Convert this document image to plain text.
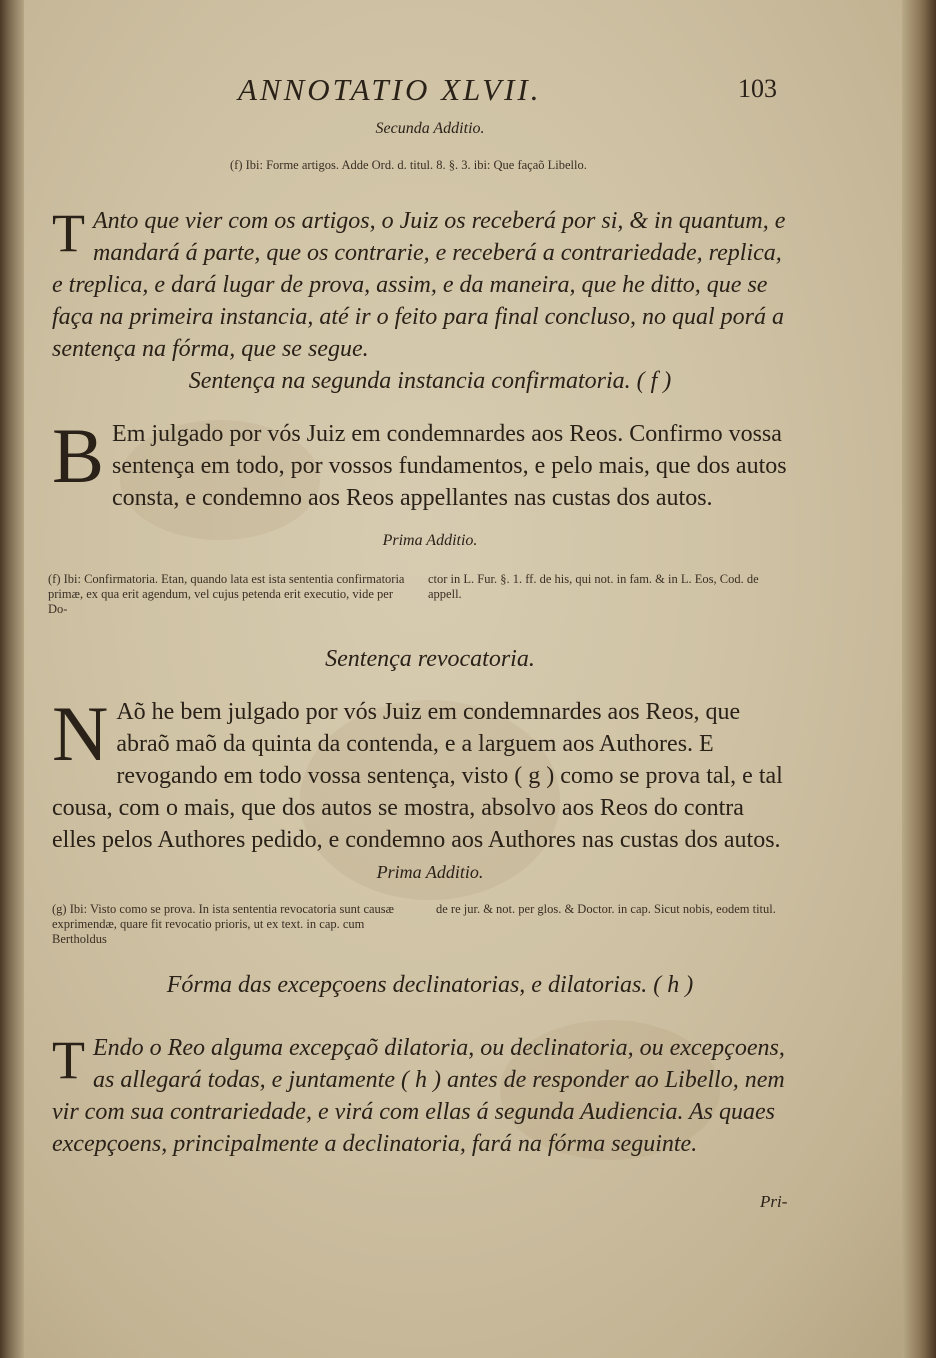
ANNOTATIO XLVII.	103
Secunda Additio.
(f) Ibi: Forme artigos. Adde Ord. d. titul. 8. §. 3. ibi: Que façaõ Libello.
T Anto que vier com os artigos, o Juiz os receberá por si, & in quantum, e mandará á parte, que os contrarie, e receberá a contrariedade, replica, e treplica, e dará lugar de prova, assim, e da maneira, que he ditto, que se faça na primeira instancia, até ir o feito para final concluso, no qual porá a sentença na fórma, que se segue.
Sentença na segunda instancia confirmatoria. ( f )
B Em julgado por vós Juiz em condemnardes aos Reos. Confirmo vossa sentença em todo, por vossos fundamentos, e pelo mais, que dos autos consta, e condemno aos Reos appellantes nas custas dos autos.
Prima Additio.
(f) Ibi: Confirmatoria. Etan, quando lata est ista sententia confirmatoria primæ, ex qua erit agendum, vel cujus petenda erit executio, vide per Do-
ctor in L. Fur. §. 1. ff. de his, qui not. in fam. & in L. Eos, Cod. de appell.
Sentença revocatoria.
N Aõ he bem julgado por vós Juiz em condemnardes aos Reos, que abraõ maõ da quinta da contenda, e a larguem aos Authores. E revogando em todo vossa sentença, visto ( g ) como se prova tal, e tal cousa, com o mais, que dos autos se mostra, absolvo aos Reos do contra elles pelos Authores pedido, e condemno aos Authores nas custas dos autos.
Prima Additio.
(g) Ibi: Visto como se prova. In ista sententia revocatoria sunt causæ exprimendæ, quare fit revocatio prioris, ut ex text. in cap. cum Bertholdus
de re jur. & not. per glos. & Doctor. in cap. Sicut nobis, eodem titul.
Fórma das excepçoens declinatorias, e dilatorias. ( h )
T Endo o Reo alguma excepçaõ dilatoria, ou declinatoria, ou excepçoens, as allegará todas, e juntamente ( h ) antes de responder ao Libello, nem vir com sua contrariedade, e virá com ellas á segunda Audiencia. As quaes excepçoens, principalmente a declinatoria, fará na fórma seguinte.
Pri-
